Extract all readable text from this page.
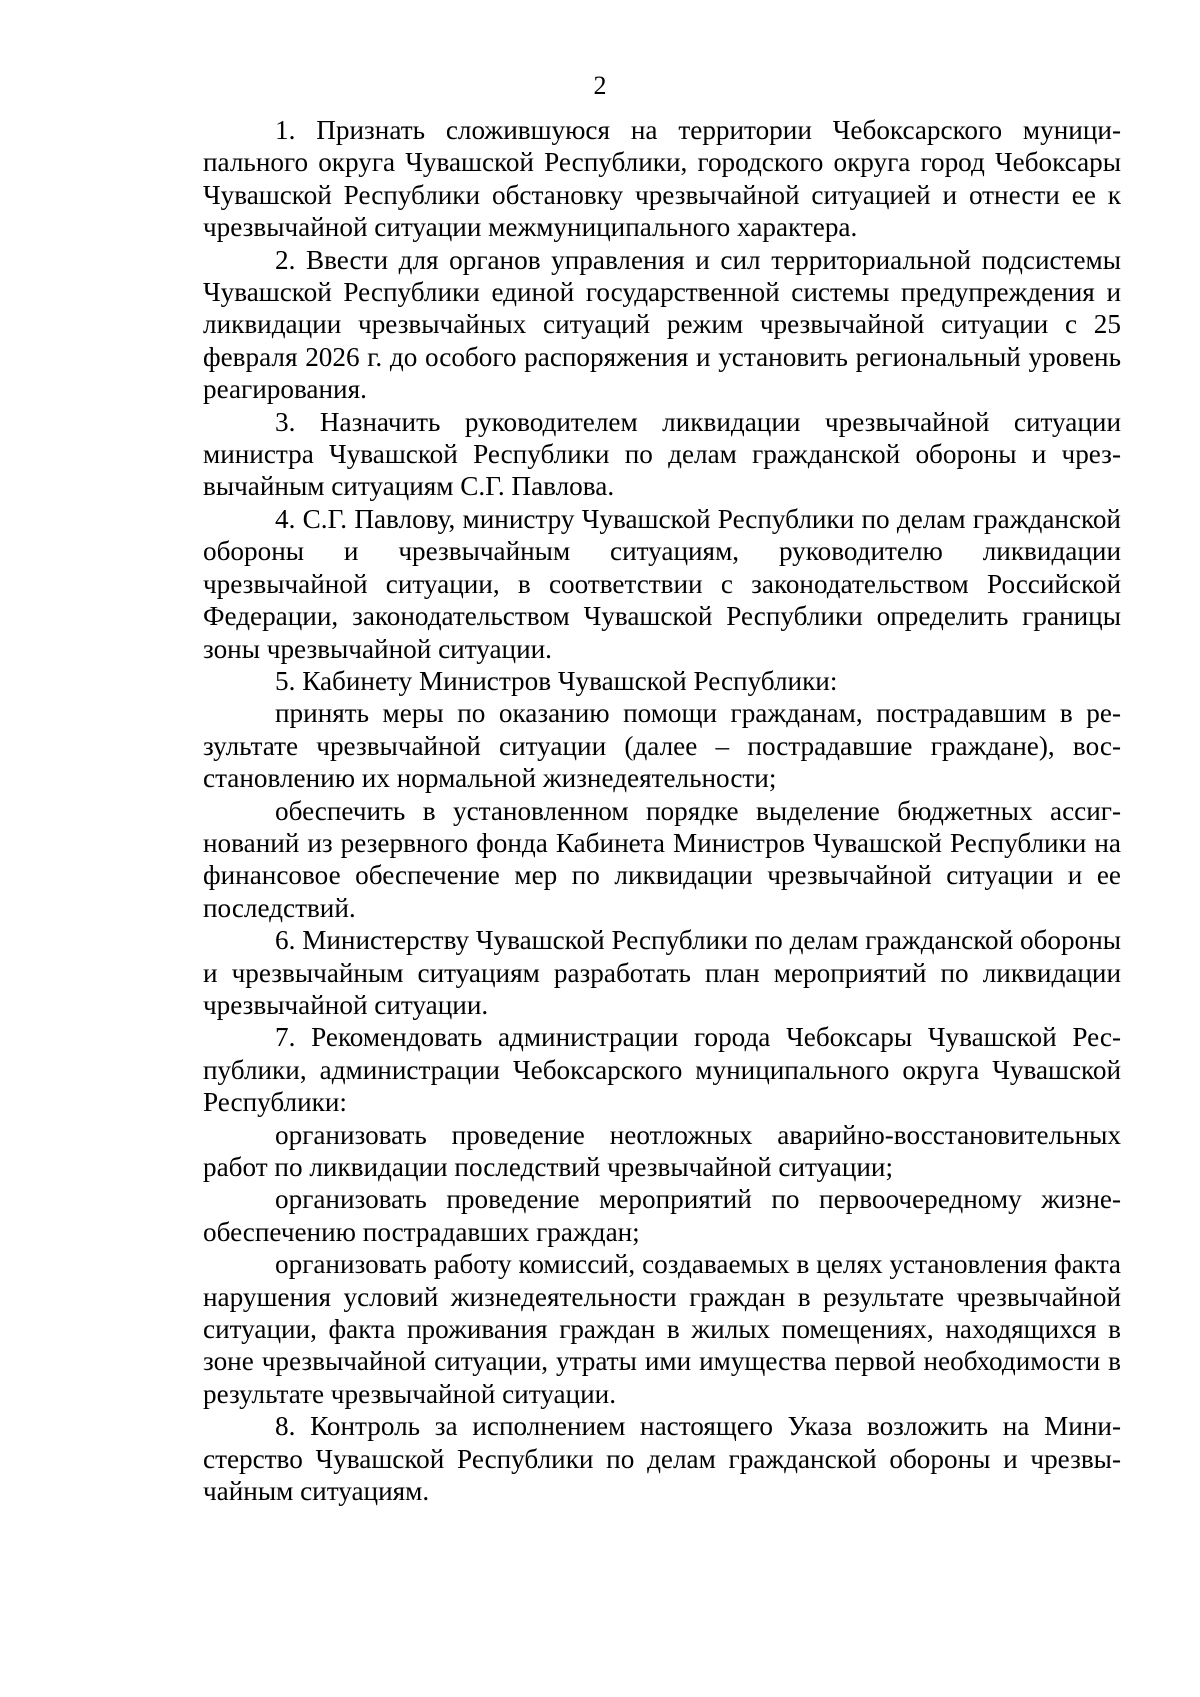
2

1. Признать сложившуюся на территории Чебоксарского муниципального округа Чувашской Республики, городского округа город Чебоксары Чувашской Республики обстановку чрезвычайной ситуацией и отнести ее к чрезвычайной ситуации межмуниципального характера.

2. Ввести для органов управления и сил территориальной подсистемы Чувашской Республики единой государственной системы предупреждения и ликвидации чрезвычайных ситуаций режим чрезвычайной ситуации с 25 февраля 2026 г. до особого распоряжения и установить региональный уровень реагирования.

3. Назначить руководителем ликвидации чрезвычайной ситуации министра Чувашской Республики по делам гражданской обороны и чрезвычайным ситуациям С.Г. Павлова.

4. С.Г. Павлову, министру Чувашской Республики по делам гражданской обороны и чрезвычайным ситуациям, руководителю ликвидации чрезвычайной ситуации, в соответствии с законодательством Российской Федерации, законодательством Чувашской Республики определить границы зоны чрезвычайной ситуации.

5. Кабинету Министров Чувашской Республики:

принять меры по оказанию помощи гражданам, пострадавшим в результате чрезвычайной ситуации (далее – пострадавшие граждане), восстановлению их нормальной жизнедеятельности;

обеспечить в установленном порядке выделение бюджетных ассигнований из резервного фонда Кабинета Министров Чувашской Республики на финансовое обеспечение мер по ликвидации чрезвычайной ситуации и ее последствий.

6. Министерству Чувашской Республики по делам гражданской обороны и чрезвычайным ситуациям разработать план мероприятий по ликвидации чрезвычайной ситуации.

7. Рекомендовать администрации города Чебоксары Чувашской Республики, администрации Чебоксарского муниципального округа Чувашской Республики:

организовать проведение неотложных аварийно-восстановительных работ по ликвидации последствий чрезвычайной ситуации;

организовать проведение мероприятий по первоочередному жизнеобеспечению пострадавших граждан;

организовать работу комиссий, создаваемых в целях установления факта нарушения условий жизнедеятельности граждан в результате чрезвычайной ситуации, факта проживания граждан в жилых помещениях, находящихся в зоне чрезвычайной ситуации, утраты ими имущества первой необходимости в результате чрезвычайной ситуации.

8. Контроль за исполнением настоящего Указа возложить на Министерство Чувашской Республики по делам гражданской обороны и чрезвычайным ситуациям.
